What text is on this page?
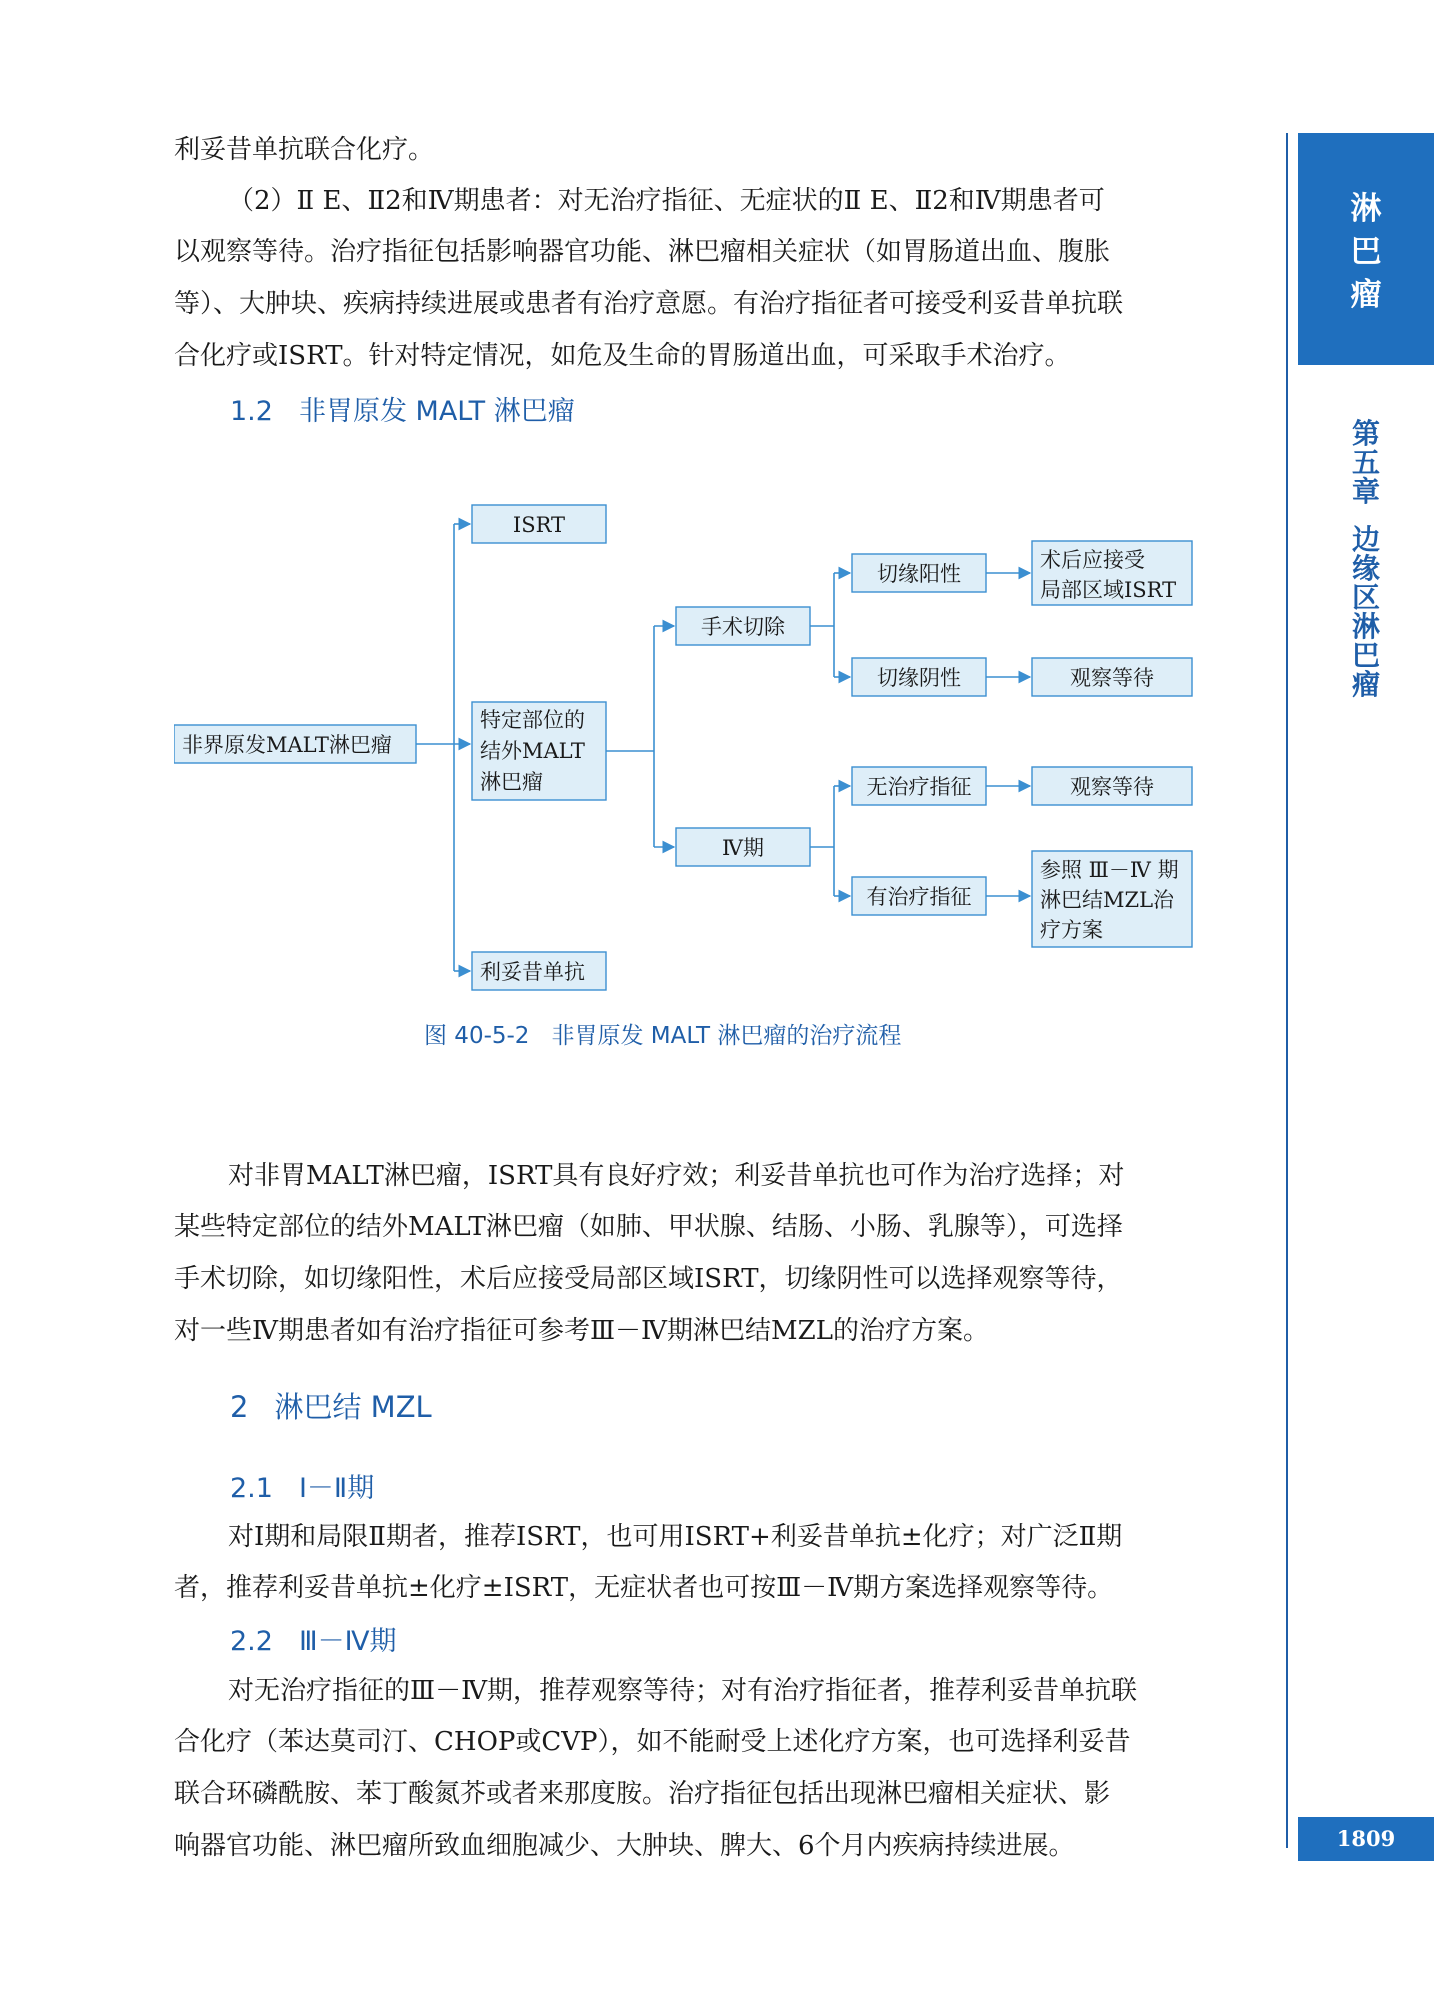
利妥昔单抗联合化疗。
（2）Ⅱ E、Ⅱ2和Ⅳ期患者：对无治疗指征、无症状的Ⅱ E、Ⅱ2和Ⅳ期患者可
以观察等待。治疗指征包括影响器官功能、淋巴瘤相关症状（如胃肠道出血、腹胀
等）、大肿块、疾病持续进展或患者有治疗意愿。有治疗指征者可接受利妥昔单抗联
合化疗或ISRT。针对特定情况，如危及生命的胃肠道出血，可采取手术治疗。
1.2 非胃原发 MALT 淋巴瘤
非界原发MALT淋巴瘤
ISRT
特定部位的
结外MALT
淋巴瘤
利妥昔单抗
手术切除
Ⅳ期
切缘阳性
切缘阴性
无治疗指征
有治疗指征
术后应接受
局部区域ISRT
观察等待
观察等待
参照 Ⅲ－Ⅳ 期
淋巴结MZL治
疗方案
图 40-5-2 非胃原发 MALT 淋巴瘤的治疗流程
对非胃MALT淋巴瘤，ISRT具有良好疗效；利妥昔单抗也可作为治疗选择；对
某些特定部位的结外MALT淋巴瘤（如肺、甲状腺、结肠、小肠、乳腺等），可选择
手术切除，如切缘阳性，术后应接受局部区域ISRT，切缘阴性可以选择观察等待，
对一些Ⅳ期患者如有治疗指征可参考Ⅲ－Ⅳ期淋巴结MZL的治疗方案。
2 淋巴结 MZL
2.1 Ⅰ－Ⅱ期
对Ⅰ期和局限Ⅱ期者，推荐ISRT，也可用ISRT+利妥昔单抗±化疗；对广泛Ⅱ期
者，推荐利妥昔单抗±化疗±ISRT，无症状者也可按Ⅲ－Ⅳ期方案选择观察等待。
2.2 Ⅲ－Ⅳ期
对无治疗指征的Ⅲ－Ⅳ期，推荐观察等待；对有治疗指征者，推荐利妥昔单抗联
合化疗（苯达莫司汀、CHOP或CVP），如不能耐受上述化疗方案，也可选择利妥昔
联合环磷酰胺、苯丁酸氮芥或者来那度胺。治疗指征包括出现淋巴瘤相关症状、影
响器官功能、淋巴瘤所致血细胞减少、大肿块、脾大、6个月内疾病持续进展。
淋
巴
瘤
第
五
章
边
缘
区
淋
巴
瘤
1809
